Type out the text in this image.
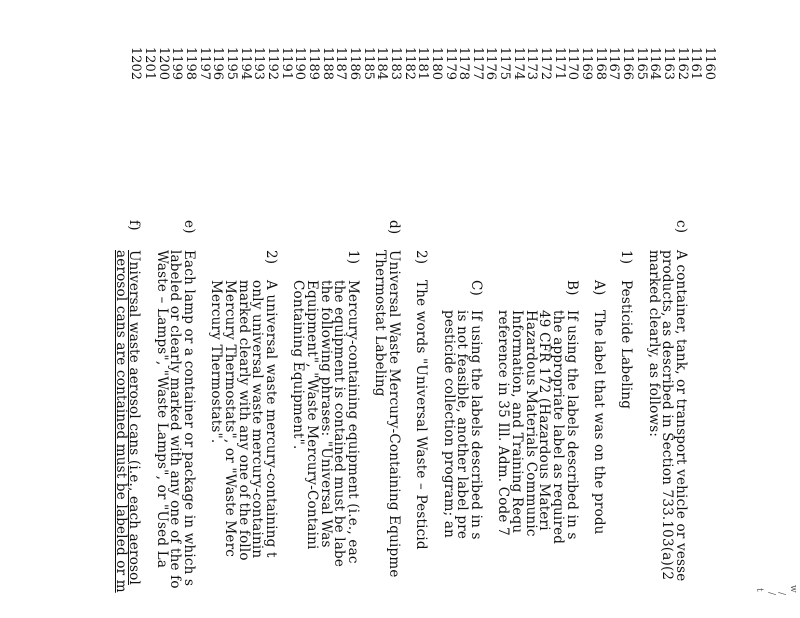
w
/
/
t
1160
1161
1162
1163
1164
1165
1166
1167
1168
1169
1170
1171
1172
1173
1174
1175
1176
1177
1178
1179
1180
1181
1182
1183
1184
1185
1186
1187
1188
1189
1190
1191
1192
1193
1194
1195
1196
1197
1198
1199
1200
1201
1202
c)
A container, tank, or transport vehicle or vesse
products, as described in Section 733.103(a)(2
marked clearly, as follows:
1)
Pesticide Labeling
A)
The label that was on the produ
B)
If using the labels described in s
the appropriate label as required
49 CFR 172 (Hazardous Materi
Hazardous Materials Communic
Information, and Training Requ
reference in 35 Ill. Adm. Code 7
C)
If using the labels described in s
is not feasible, another label pre
pesticide collection program; an
2)
The words "Universal Waste – Pesticid
d)
Universal Waste Mercury-Containing Equipme
Thermostat Labeling
1)
Mercury-containing equipment (i.e., eac
the equipment is contained must be labe
the following phrases: "Universal Was
Equipment", "Waste Mercury-Containi
Containing Equipment".
2)
A universal waste mercury-containing t
only universal waste mercury-containin
marked clearly with any one of the follo
Mercury Thermostats", or "Waste Merc
Mercury Thermostats".
e)
Each lamp or a container or package in which s
labeled or clearly marked with any one of the fo
Waste – Lamps", "Waste Lamps", or "Used La
f)
Universal waste aerosol cans (i.e., each aerosol
aerosol cans are contained must be labeled or m
